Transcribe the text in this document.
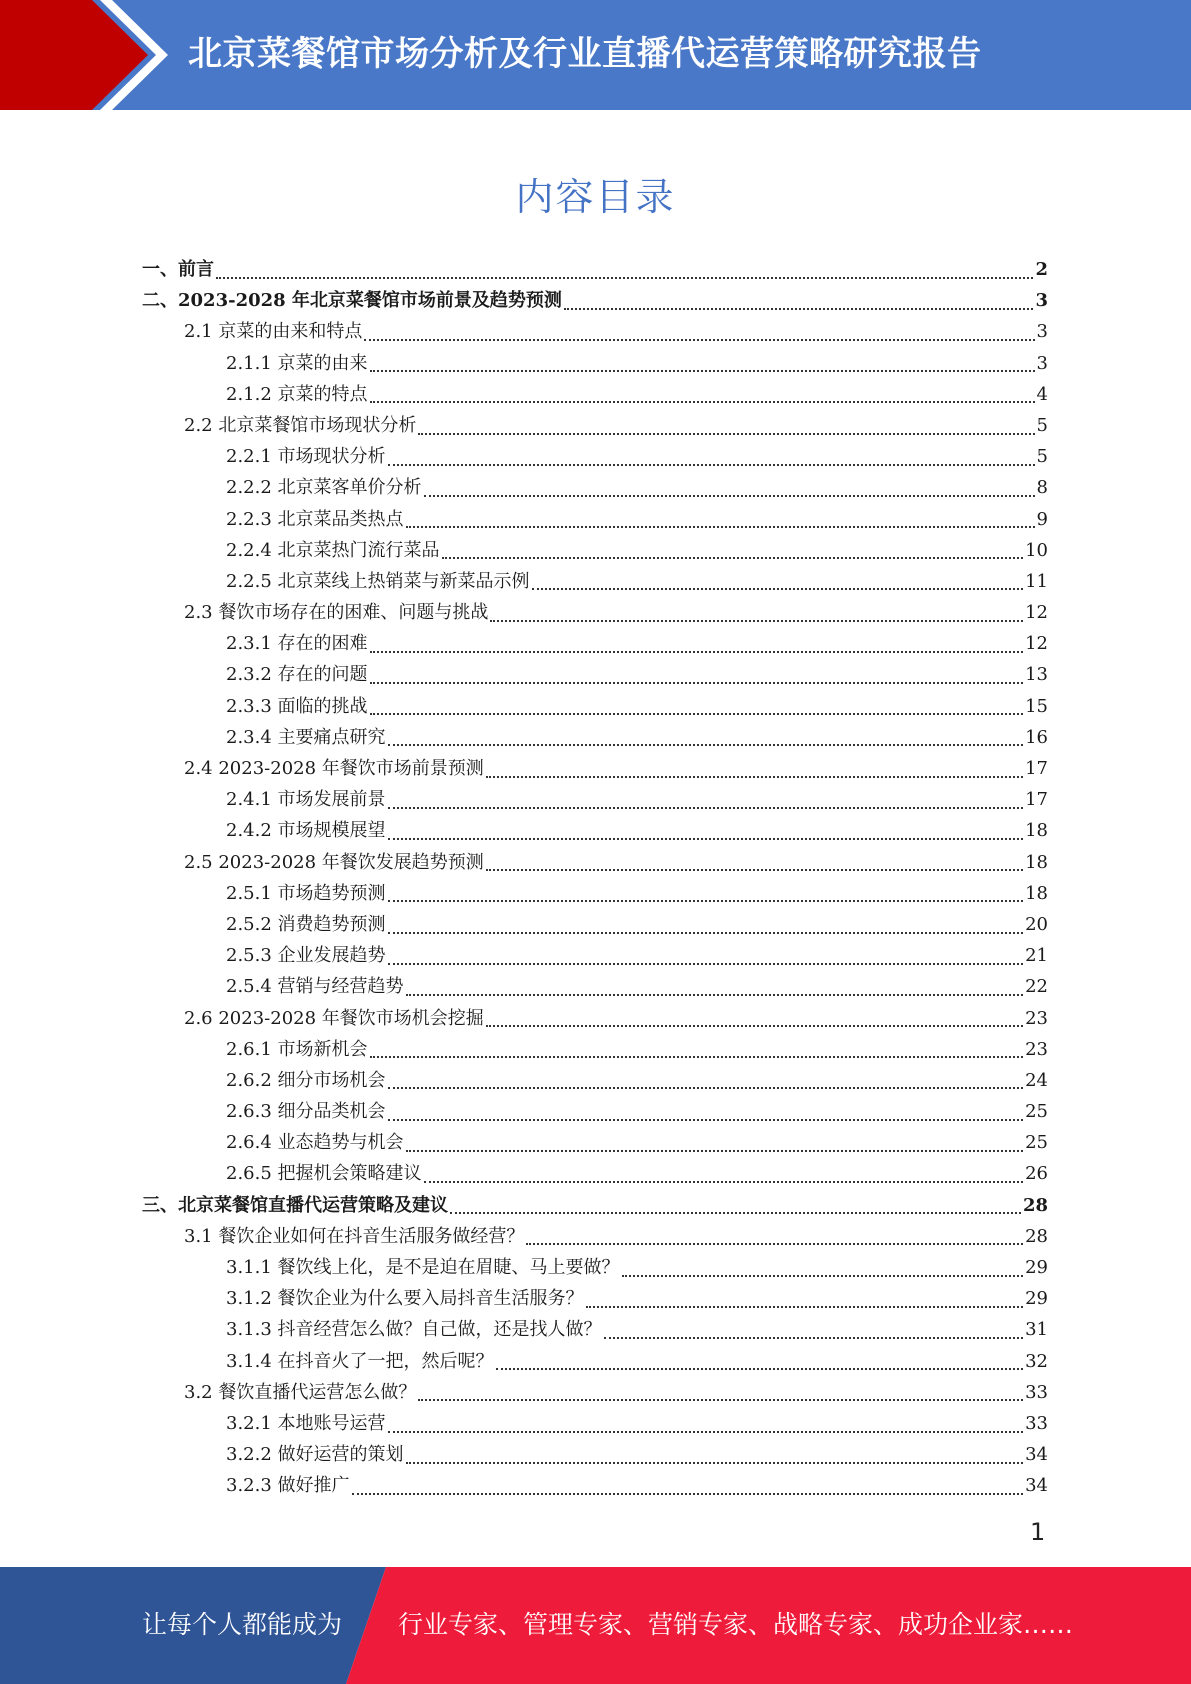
北京菜餐馆市场分析及行业直播代运营策略研究报告
内容目录
一、前言	2
二、2023-2028 年北京菜餐馆市场前景及趋势预测	3
2.1 京菜的由来和特点	3
2.1.1 京菜的由来	3
2.1.2 京菜的特点	4
2.2 北京菜餐馆市场现状分析	5
2.2.1 市场现状分析	5
2.2.2 北京菜客单价分析	8
2.2.3 北京菜品类热点	9
2.2.4 北京菜热门流行菜品	10
2.2.5 北京菜线上热销菜与新菜品示例	11
2.3 餐饮市场存在的困难、问题与挑战	12
2.3.1 存在的困难	12
2.3.2 存在的问题	13
2.3.3 面临的挑战	15
2.3.4 主要痛点研究	16
2.4 2023-2028 年餐饮市场前景预测	17
2.4.1 市场发展前景	17
2.4.2 市场规模展望	18
2.5 2023-2028 年餐饮发展趋势预测	18
2.5.1 市场趋势预测	18
2.5.2 消费趋势预测	20
2.5.3 企业发展趋势	21
2.5.4 营销与经营趋势	22
2.6 2023-2028 年餐饮市场机会挖掘	23
2.6.1 市场新机会	23
2.6.2 细分市场机会	24
2.6.3 细分品类机会	25
2.6.4 业态趋势与机会	25
2.6.5 把握机会策略建议	26
三、北京菜餐馆直播代运营策略及建议	28
3.1 餐饮企业如何在抖音生活服务做经营？	28
3.1.1 餐饮线上化，是不是迫在眉睫、马上要做？	29
3.1.2 餐饮企业为什么要入局抖音生活服务？	29
3.1.3 抖音经营怎么做？自己做，还是找人做？	31
3.1.4 在抖音火了一把，然后呢？	32
3.2 餐饮直播代运营怎么做？	33
3.2.1 本地账号运营	33
3.2.2 做好运营的策划	34
3.2.3 做好推广	34
1
让每个人都能成为 行业专家、管理专家、营销专家、战略专家、成功企业家……
